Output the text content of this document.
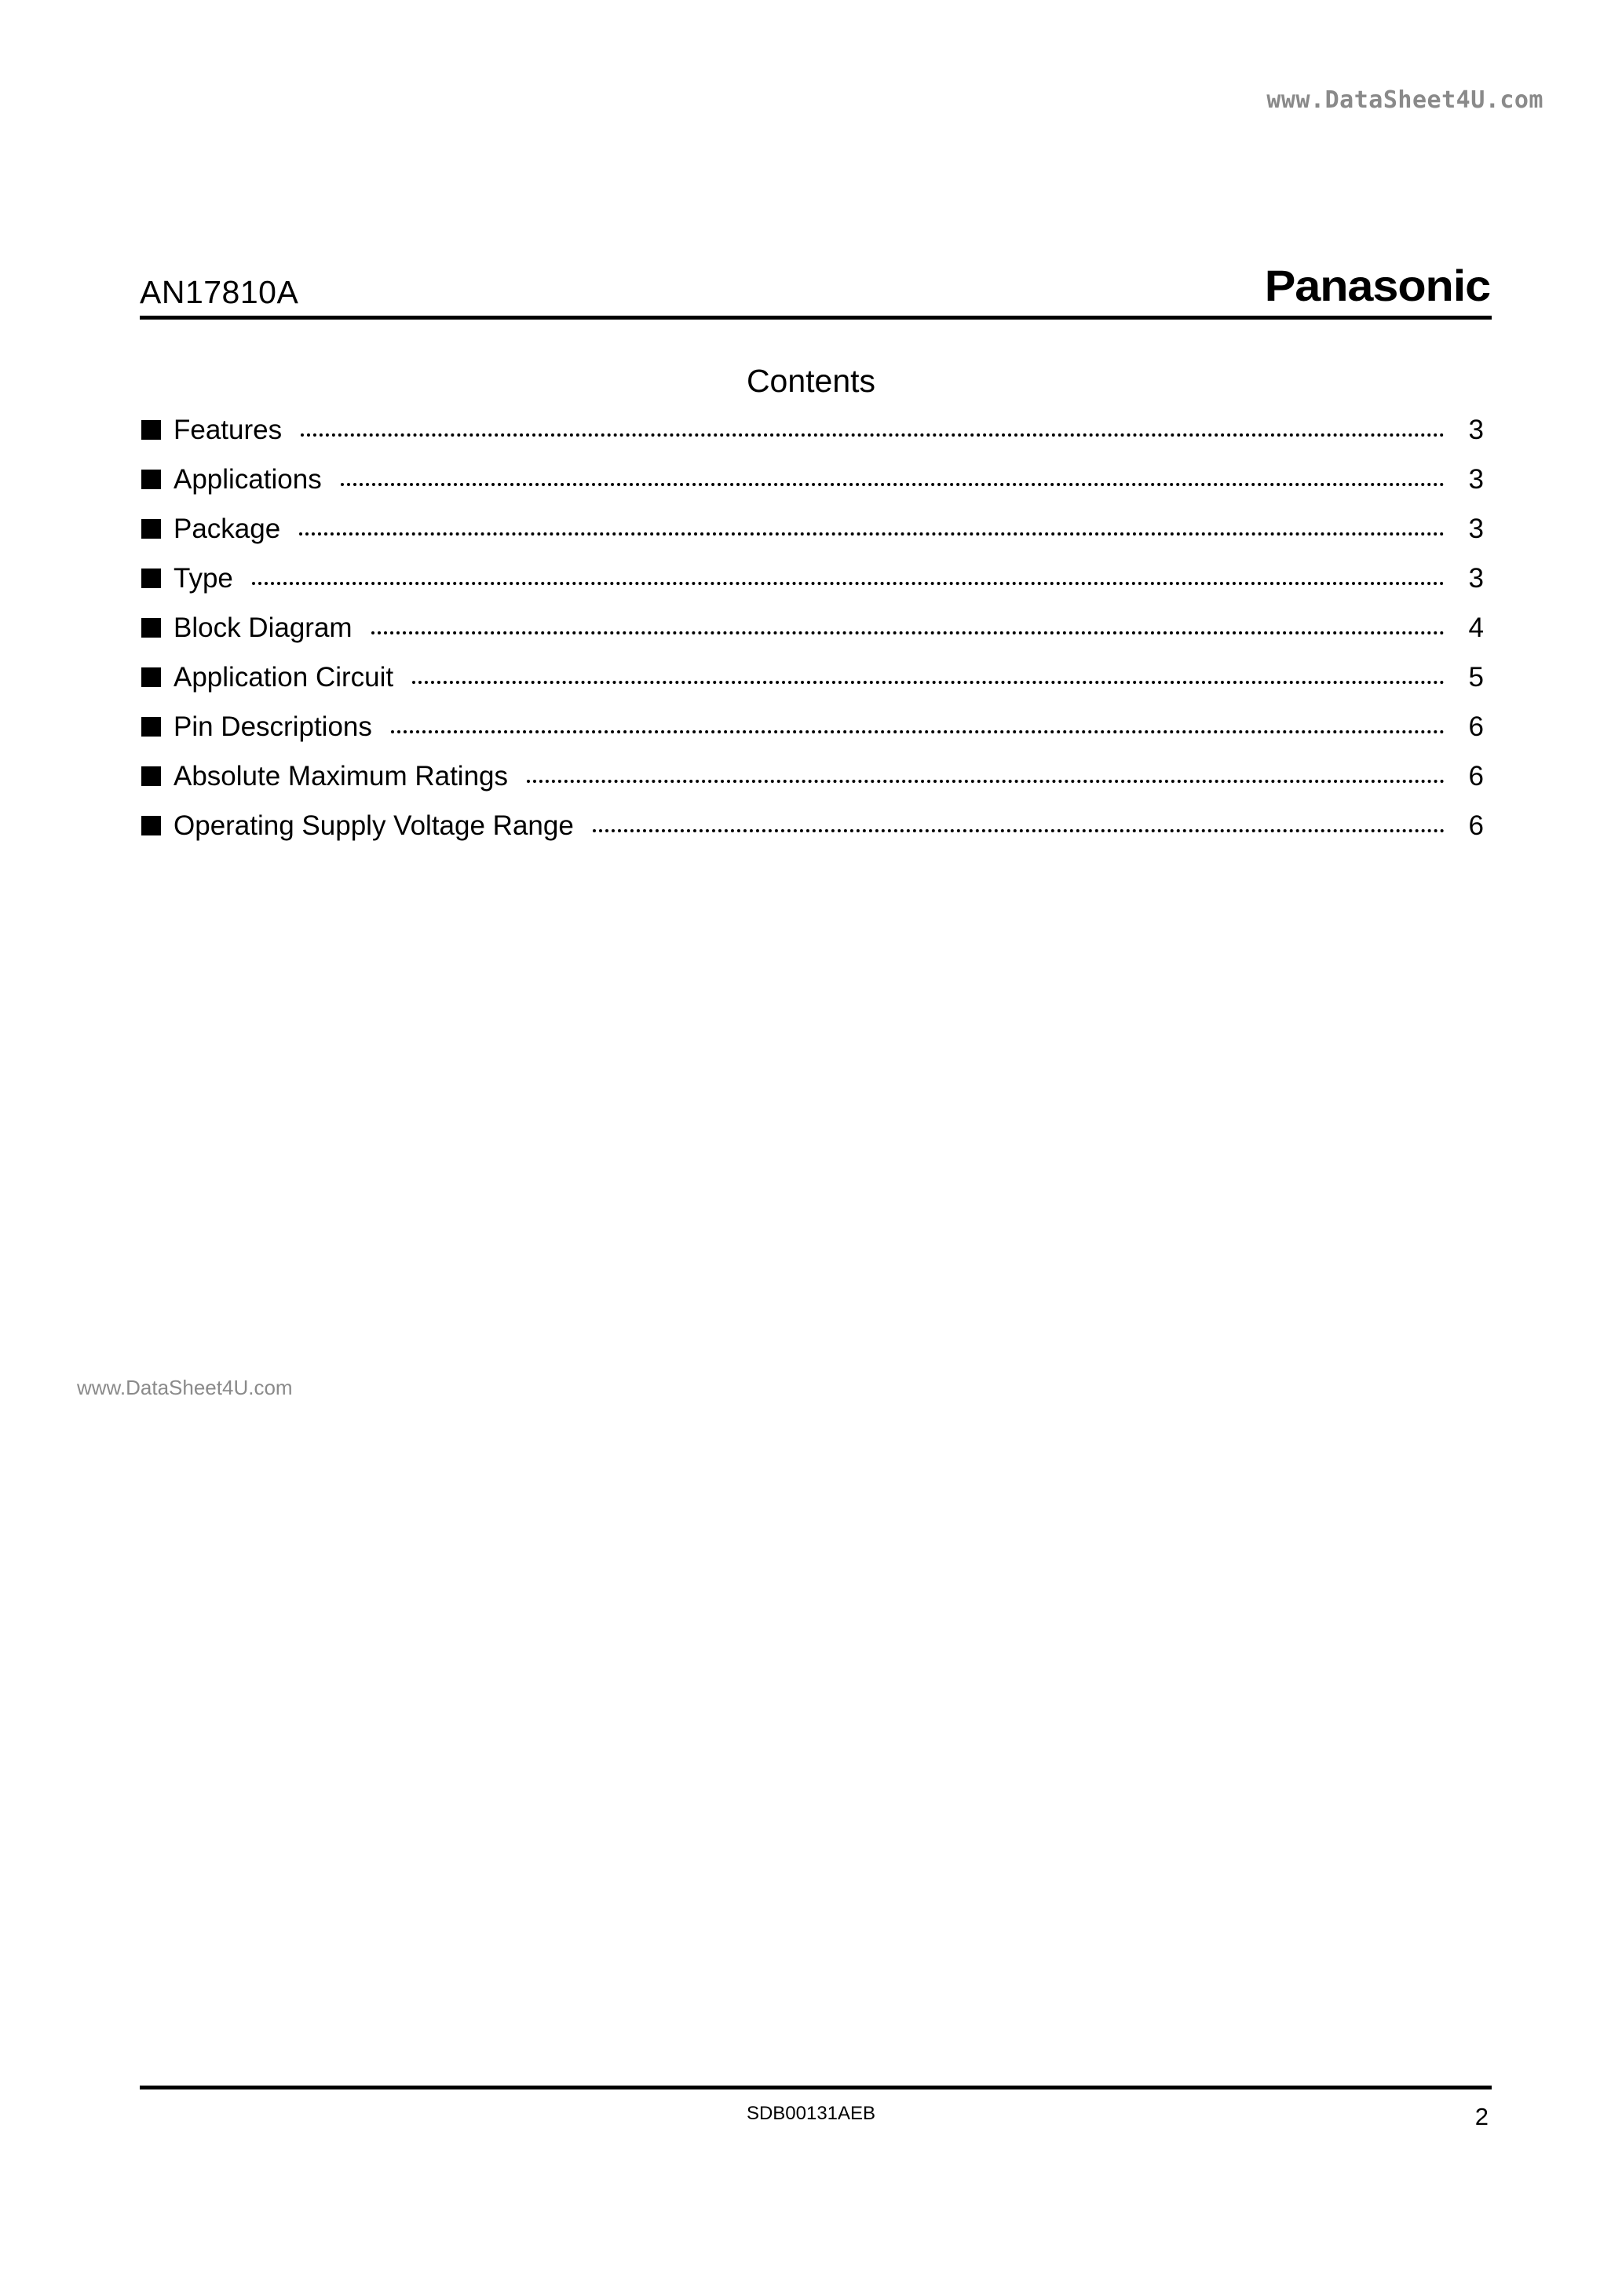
www.DataSheet4U.com
AN17810A	Panasonic
Contents
Features	3
Applications	3
Package	3
Type	3
Block Diagram	4
Application Circuit	5
Pin Descriptions	6
Absolute Maximum Ratings	6
Operating Supply Voltage Range	6
www.DataSheet4U.com
SDB00131AEB	2
